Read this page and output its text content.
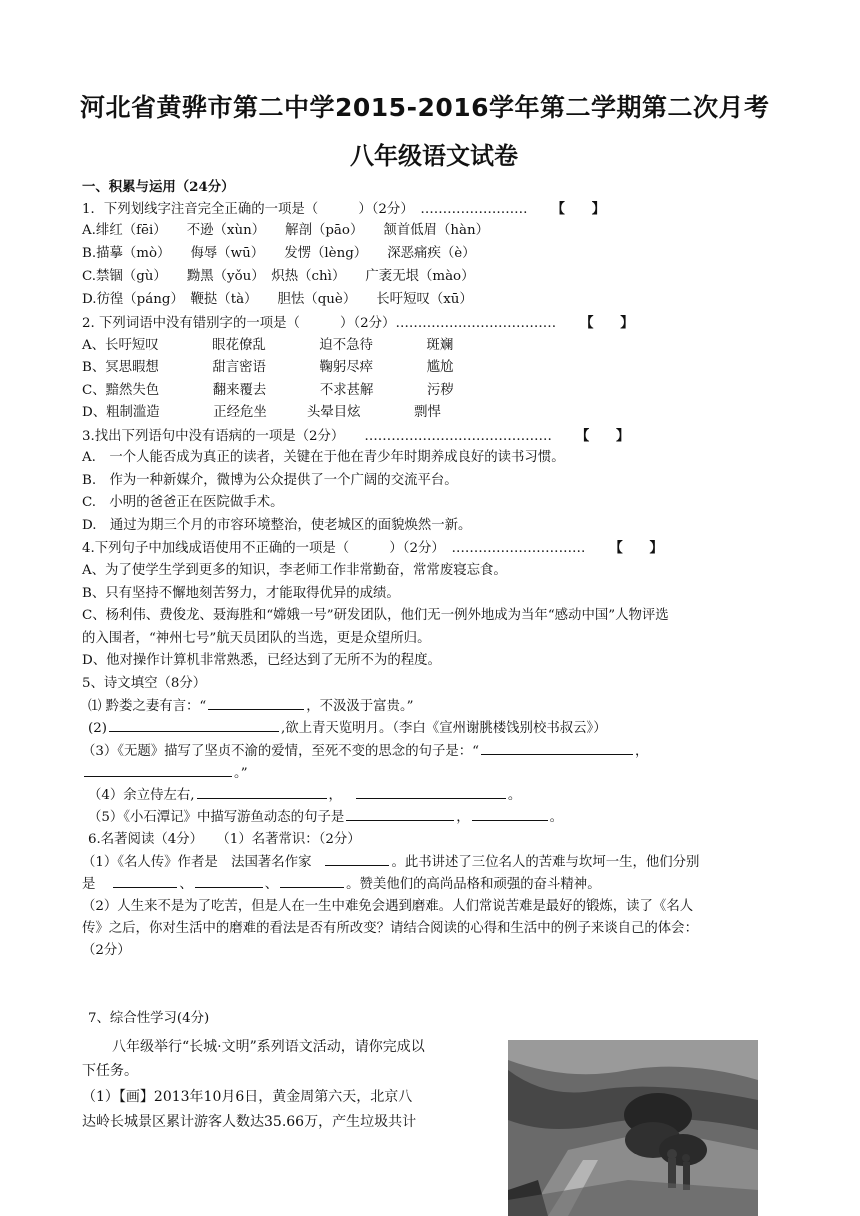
河北省黄骅市第二中学2015-2016学年第二学期第二次月考
八年级语文试卷
一、积累与运用（24分）
1．下列划线字注音完全正确的一项是（　　　）（2分）　…………………… 【　　】
A.绯红（fēi）　　不逊（xùn）　　解剖（pāo）　　颔首低眉（hàn）
B.描摹（mò）　　侮辱（wū）　　发愣（lèng）　　深恶痛疾（è）
C.禁锢（gù）　　黝黑（yǒu）　炽热（chì）　　广袤无垠（mào）
D.彷徨（páng）　鞭挞（tà）　　胆怯（què）　　长吁短叹（xū）
2. 下列词语中没有错别字的一项是（　　　）（2分）……………………………… 【　　】
A、长吁短叹　　　　眼花僚乱　　　　迫不急待　　　　斑斓
B、冥思暇想　　　　甜言密语　　　　鞠躬尽瘁　　　　尴尬
C、黯然失色　　　　翻来覆去　　　　不求甚解　　　　污秽
D、粗制滥造　　　　正经危坐　　　头晕目炫　　　　剽悍
3.找出下列语句中没有语病的一项是（2分）　　…………………………………… 【　　】
A.　一个人能否成为真正的读者，关键在于他在青少年时期养成良好的读书习惯。
B.　作为一种新媒介，微博为公众提供了一个广阔的交流平台。
C.　小明的爸爸正在医院做手术。
D.　通过为期三个月的市容环境整治，使老城区的面貌焕然一新。
4.下列句子中加线成语使用不正确的一项是（　　　）（2分）　………………………… 【　　】
A、为了使学生学到更多的知识，李老师工作非常勤奋，常常废寝忘食。
B、只有坚持不懈地刻苦努力，才能取得优异的成绩。
C、杨利伟、费俊龙、聂海胜和“嫦娥一号”研发团队，他们无一例外地成为当年“感动中国”人物评选
的入围者，“神州七号”航天员团队的当选，更是众望所归。
D、他对操作计算机非常熟悉，已经达到了无所不为的程度。
5、诗文填空（8分）
⑴ 黔娄之妻有言：“	，不汲汲于富贵。”
(2)	,欲上青天览明月。（李白《宣州谢朓楼饯别校书叔云》）
（3）《无题》描写了坚贞不渝的爱情，至死不变的思念的句子是：“	，
。”
（4）余立侍左右,	，	。
（5）《小石潭记》中描写游鱼动态的句子是	，	。
6.名著阅读（4分）　　（1）名著常识：（2分）
（1）《名人传》作者是　法国著名作家	。此书讲述了三位名人的苦难与坎坷一生，他们分别
是	、	、	。赞美他们的高尚品格和顽强的奋斗精神。
（2）人生来不是为了吃苦，但是人在一生中难免会遇到磨难。人们常说苦难是最好的锻炼，读了《名人
传》之后，你对生活中的磨难的看法是否有所改变？请结合阅读的心得和生活中的例子来谈自己的体会：
（2分）
7、综合性学习(4分)
八年级举行“长城·文明”系列语文活动，请你完成以
下任务。
（1）【画】2013年10月6日，黄金周第六天，北京八
达岭长城景区累计游客人数达35.66万，产生垃圾共计
